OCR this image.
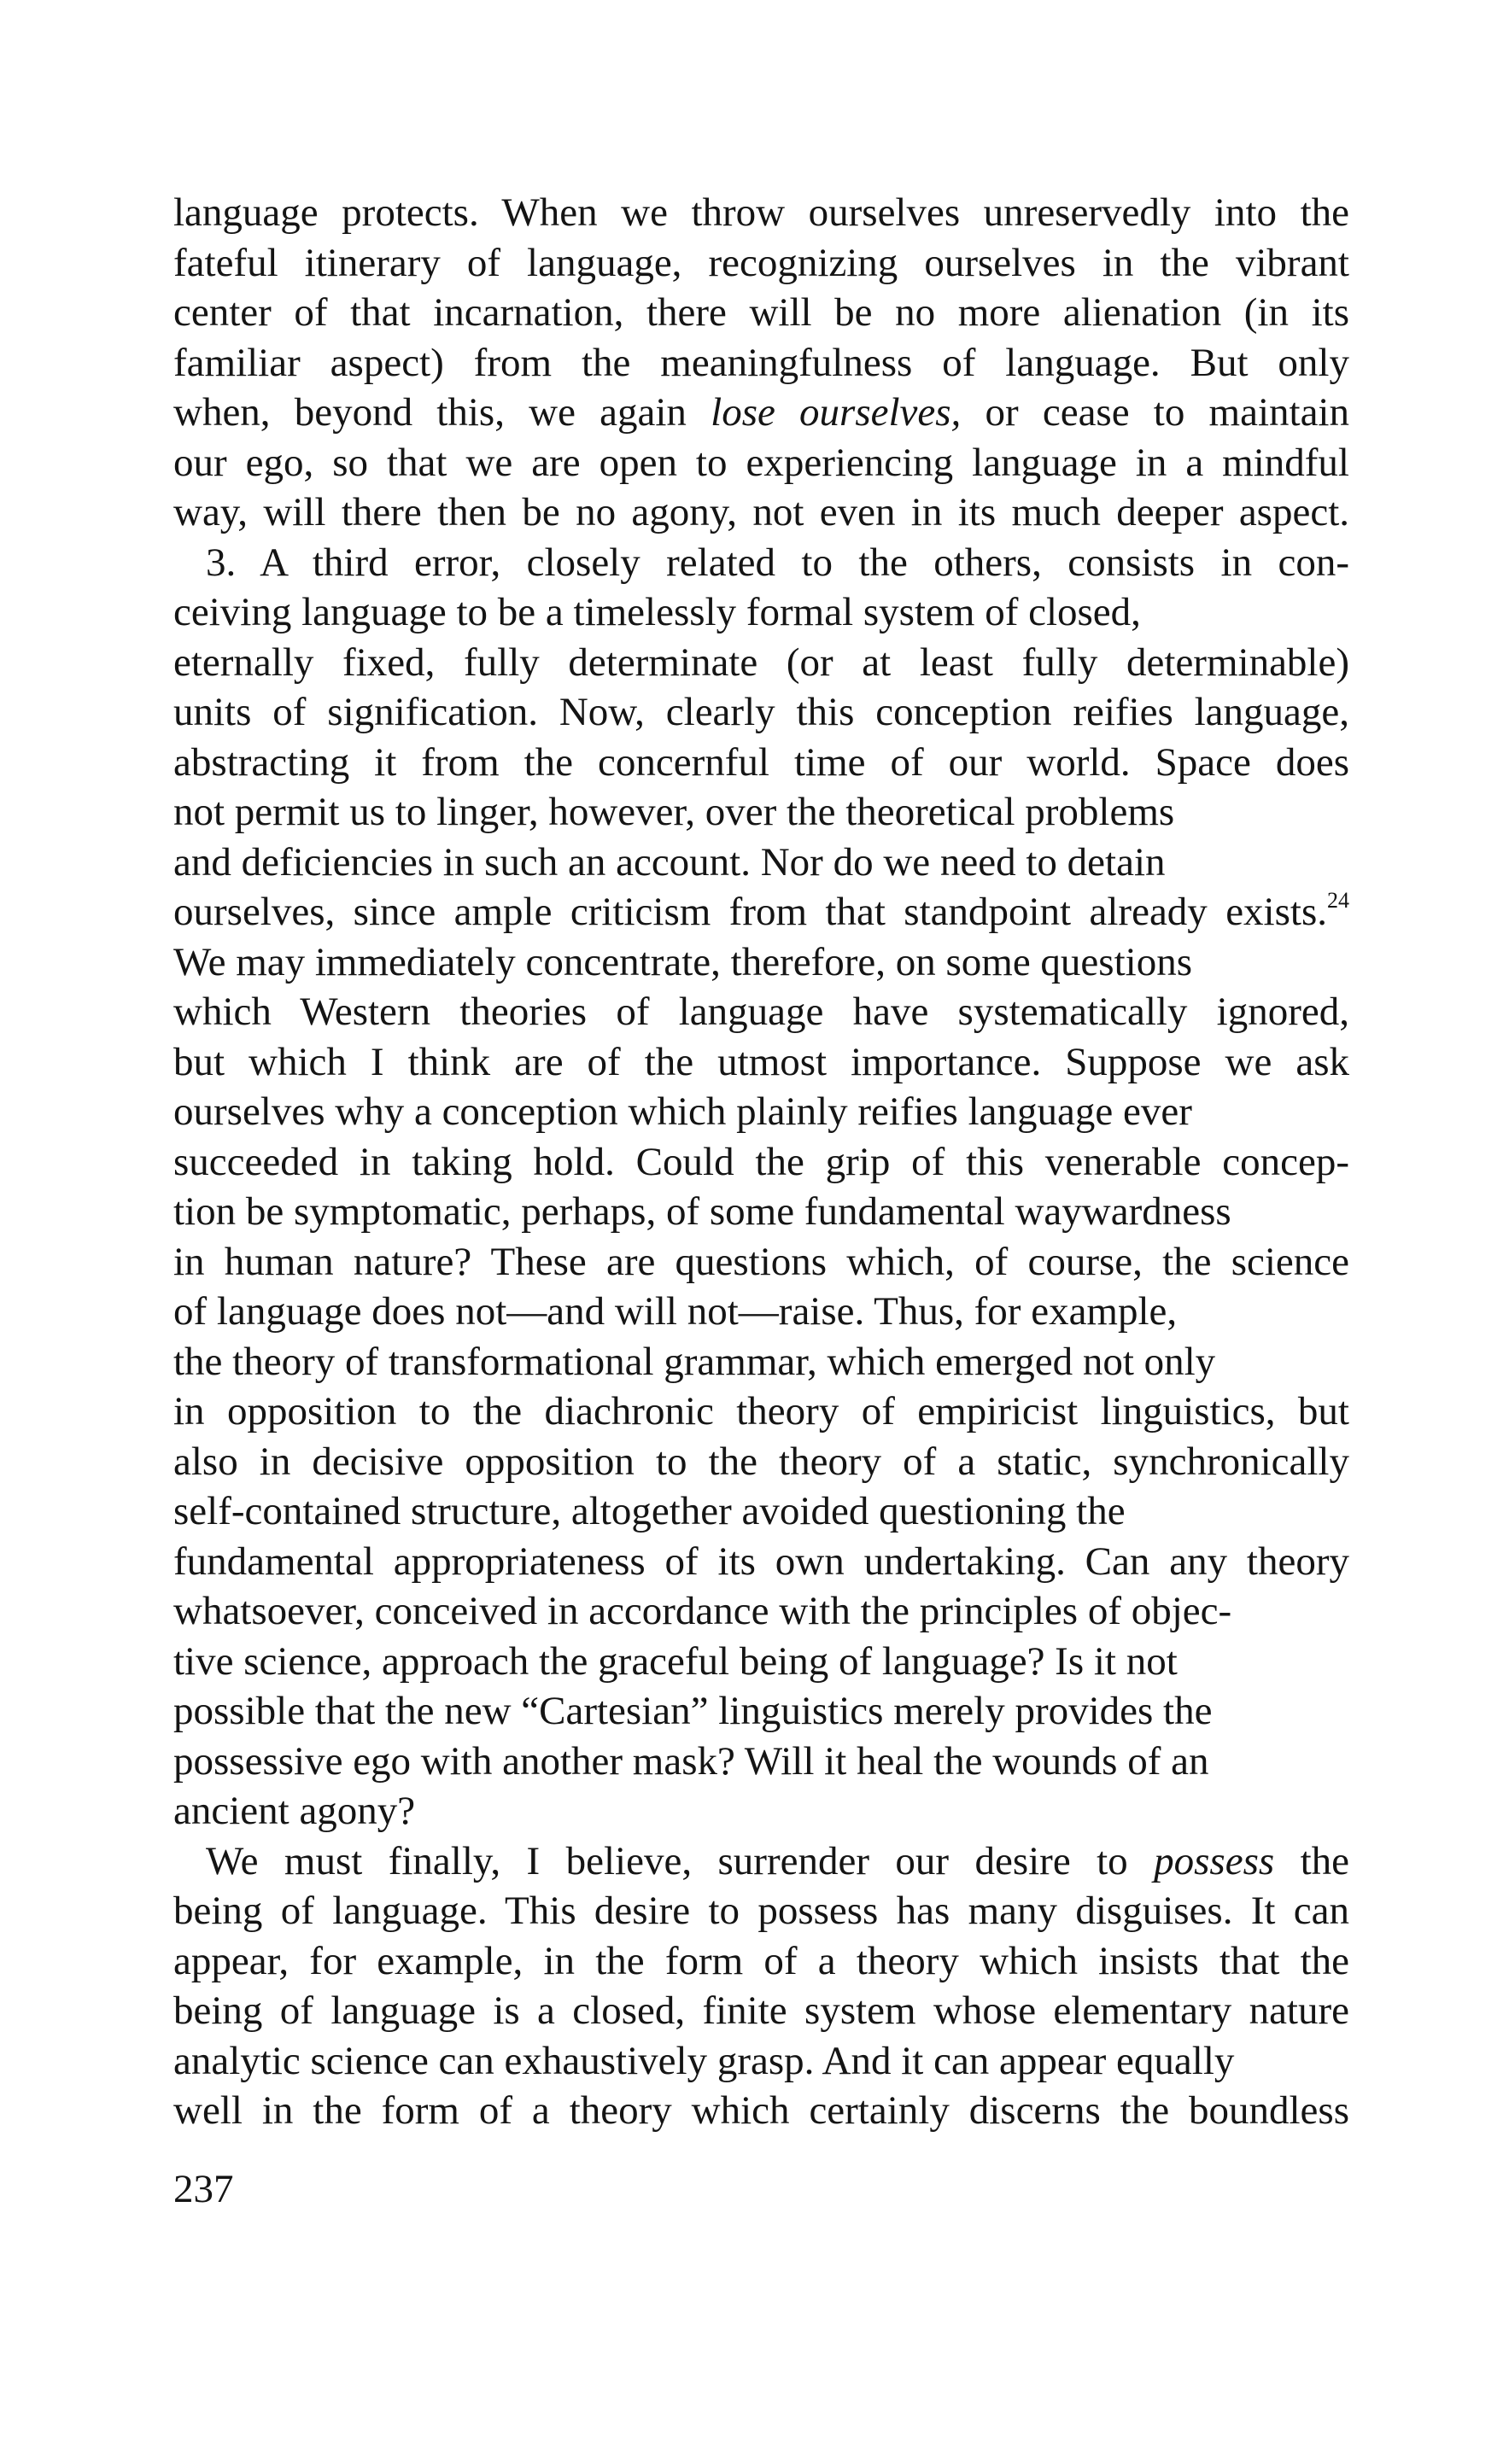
language protects. When we throw ourselves unreservedly into the
fateful itinerary of language, recognizing ourselves in the vibrant
center of that incarnation, there will be no more alienation (in its
familiar aspect) from the meaningfulness of language. But only
when, beyond this, we again lose ourselves, or cease to maintain
our ego, so that we are open to experiencing language in a mindful
way, will there then be no agony, not even in its much deeper aspect.
3. A third error, closely related to the others, consists in con-
ceiving language to be a timelessly formal system of closed,
eternally fixed, fully determinate (or at least fully determinable)
units of signification. Now, clearly this conception reifies language,
abstracting it from the concernful time of our world. Space does
not permit us to linger, however, over the theoretical problems
and deficiencies in such an account. Nor do we need to detain
ourselves, since ample criticism from that standpoint already exists.$^{24}$
We may immediately concentrate, therefore, on some questions
which Western theories of language have systematically ignored,
but which I think are of the utmost importance. Suppose we ask
ourselves why a conception which plainly reifies language ever
succeeded in taking hold. Could the grip of this venerable concep-
tion be symptomatic, perhaps, of some fundamental waywardness
in human nature? These are questions which, of course, the science
of language does not—and will not—raise. Thus, for example,
the theory of transformational grammar, which emerged not only
in opposition to the diachronic theory of empiricist linguistics, but
also in decisive opposition to the theory of a static, synchronically
self-contained structure, altogether avoided questioning the
fundamental appropriateness of its own undertaking. Can any theory
whatsoever, conceived in accordance with the principles of objec-
tive science, approach the graceful being of language? Is it not
possible that the new “Cartesian” linguistics merely provides the
possessive ego with another mask? Will it heal the wounds of an
ancient agony?
We must finally, I believe, surrender our desire to possess the
being of language. This desire to possess has many disguises. It can
appear, for example, in the form of a theory which insists that the
being of language is a closed, finite system whose elementary nature
analytic science can exhaustively grasp. And it can appear equally
well in the form of a theory which certainly discerns the boundless
237
